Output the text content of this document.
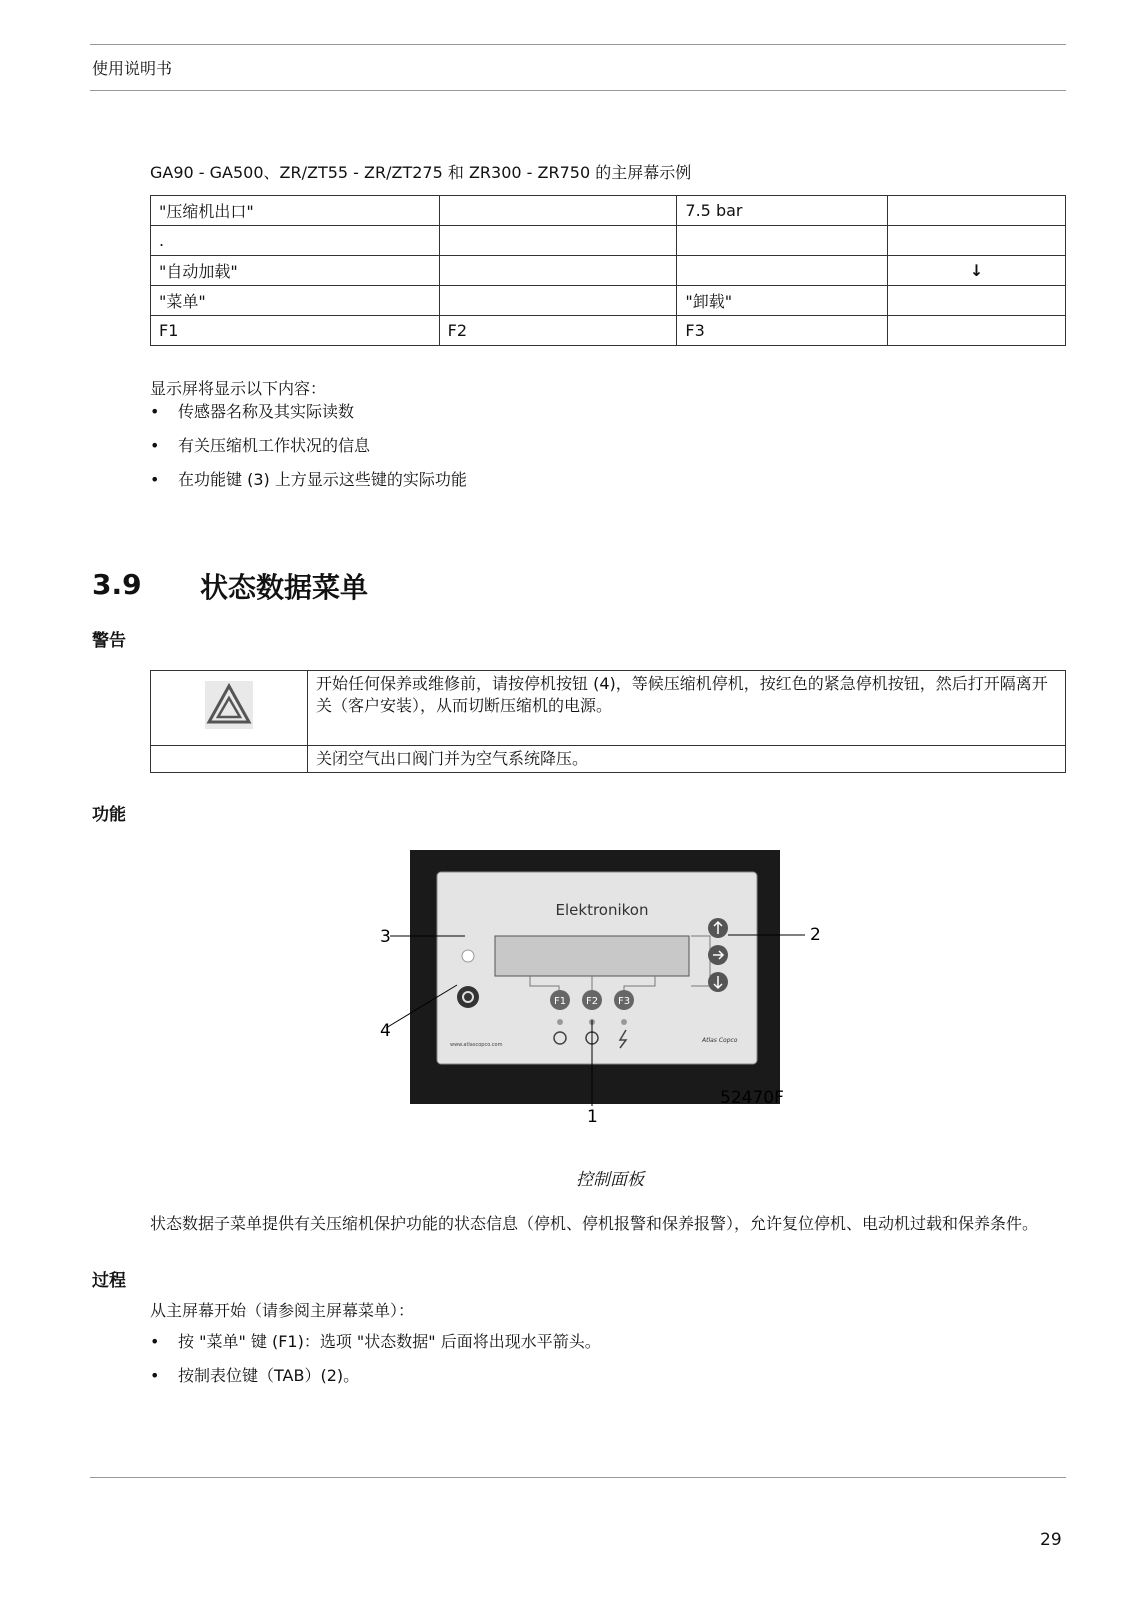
使用说明书
GA90 - GA500、ZR/ZT55 - ZR/ZT275 和 ZR300 - ZR750 的主屏幕示例
"压缩机出口"		7.5 bar	
.			
"自动加载"			↓
"菜单"		"卸载"	
F1	F2	F3	
显示屏将显示以下内容：
• 传感器名称及其实际读数
• 有关压缩机工作状况的信息
• 在功能键 (3) 上方显示这些键的实际功能
3.9 状态数据菜单
警告
	开始任何保养或维修前，请按停机按钮 (4)，等候压缩机停机，按红色的紧急停机按钮，然后打开隔离开关（客户安装），从而切断压缩机的电源。
	关闭空气出口阀门并为空气系统降压。
功能
Elektronikon
F1 F2 F3
www.atlascopco.com
Atlas Copco
3	2
4
1
52470F
控制面板
状态数据子菜单提供有关压缩机保护功能的状态信息（停机、停机报警和保养报警），允许复位停机、电动机过载和保养条件。
过程
从主屏幕开始（请参阅主屏幕菜单）：
• 按 "菜单" 键 (F1)：选项 "状态数据" 后面将出现水平箭头。
• 按制表位键（TAB）(2)。
29
